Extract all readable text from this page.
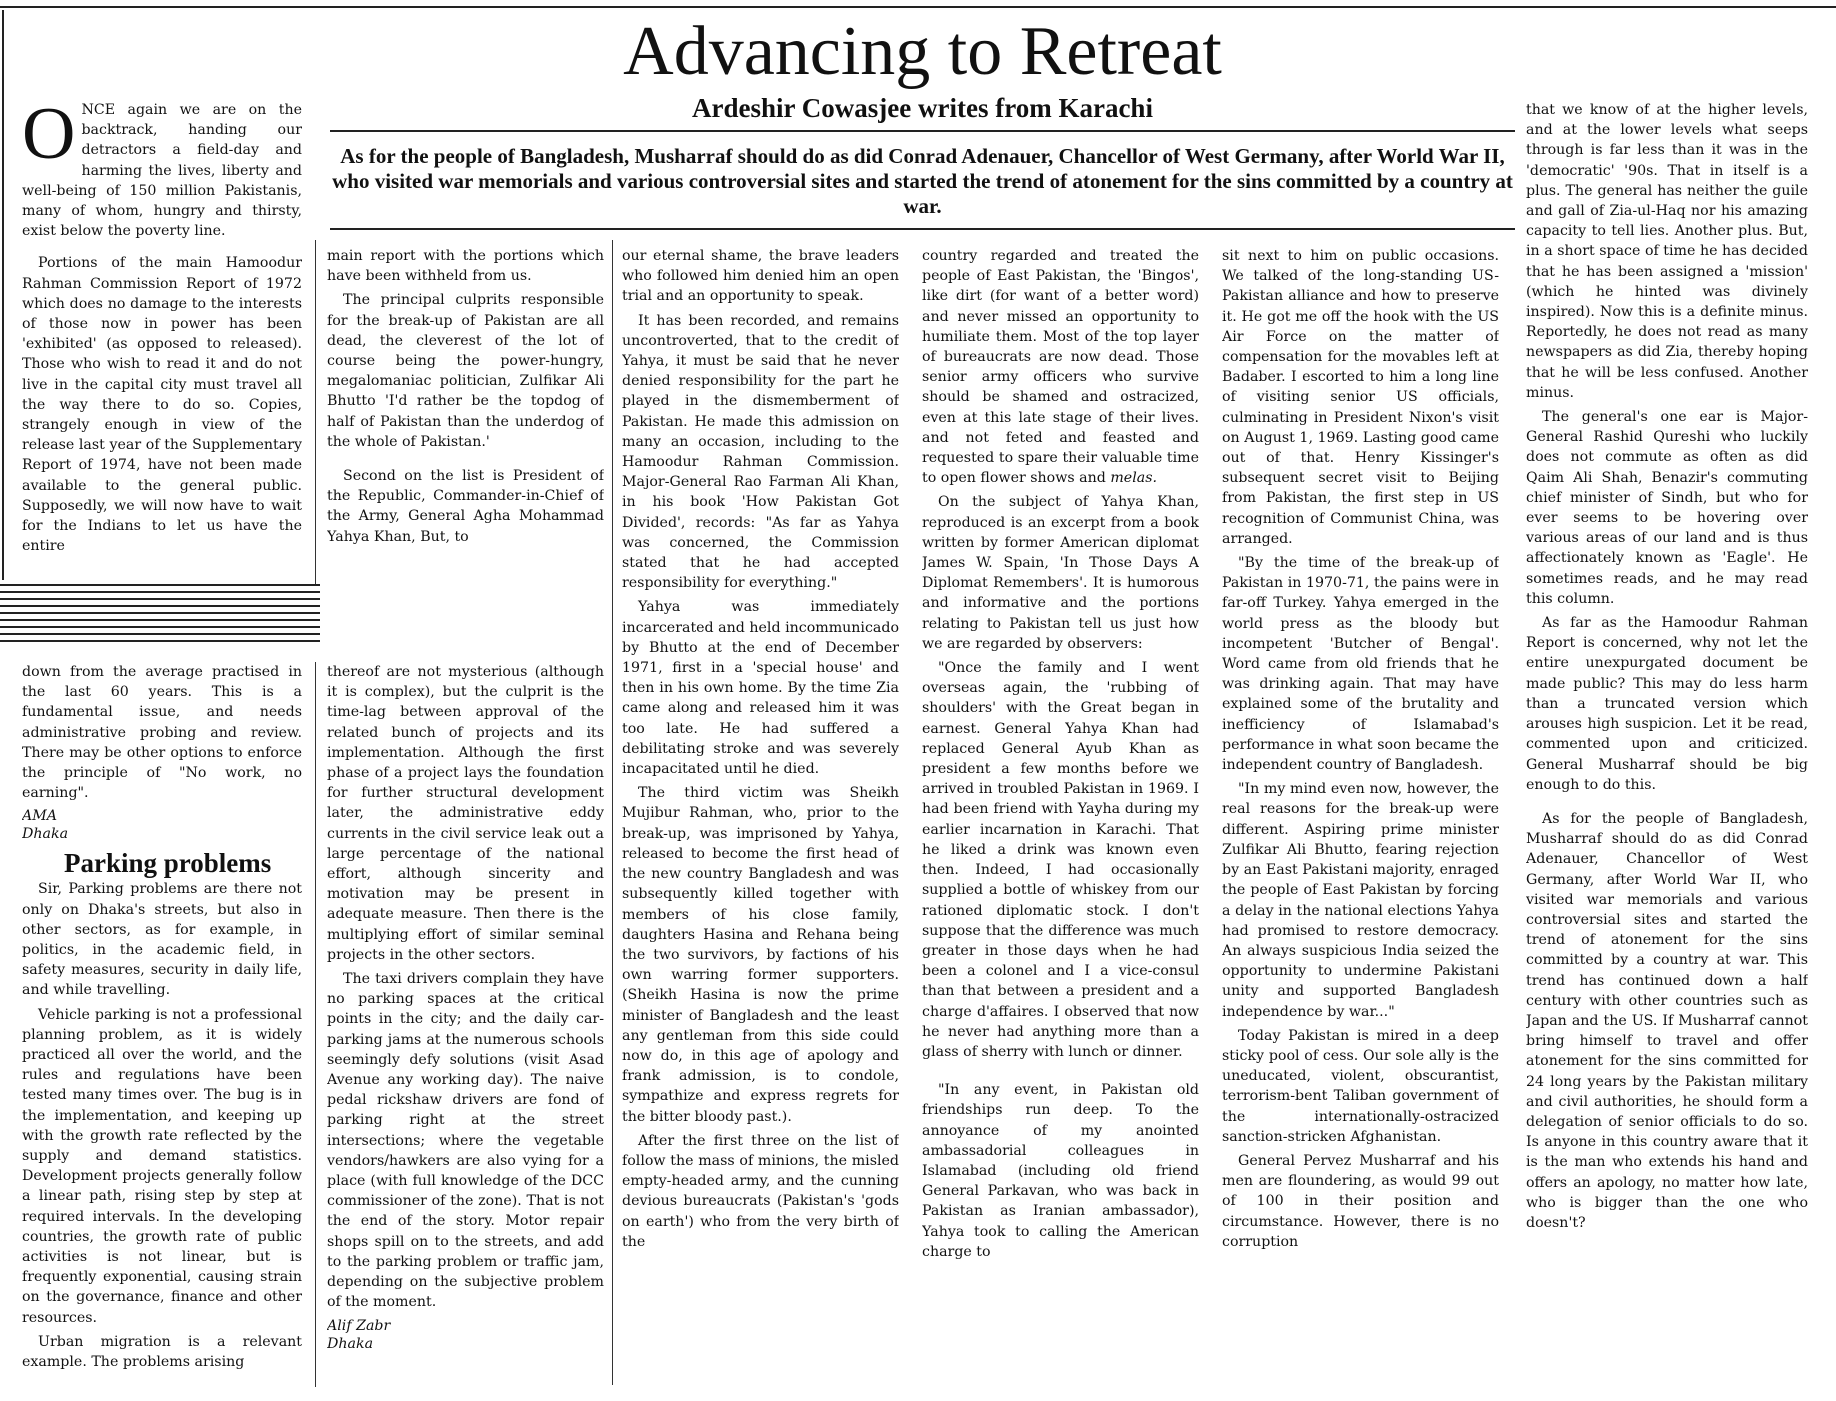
Advancing to Retreat
Ardeshir Cowasjee writes from Karachi

As for the people of Bangladesh, Musharraf should do as did Conrad Adenauer, Chancellor of West Germany, after World War II, who visited war memorials and various controversial sites and started the trend of atonement for the sins committed by a country at war.

ONCE again we are on the backtrack, handing our detractors a field-day and harming the lives, liberty and well-being of 150 million Pakistanis, many of whom, hungry and thirsty, exist below the poverty line.

Portions of the main Hamoodur Rahman Commission Report of 1972 which does no damage to the interests of those now in power has been 'exhibited' (as opposed to released). Those who wish to read it and do not live in the capital city must travel all the way there to do so. Copies, strangely enough in view of the release last year of the Supplementary Report of 1974, have not been made available to the general public. Supposedly, we will now have to wait for the Indians to let us have the entire

main report with the portions which have been withheld from us.

The principal culprits responsible for the break-up of Pakistan are all dead, the cleverest of the lot of course being the power-hungry, megalomaniac politician, Zulfikar Ali Bhutto 'I'd rather be the topdog of half of Pakistan than the underdog of the whole of Pakistan.'

Second on the list is President of the Republic, Commander-in-Chief of the Army, General Agha Mohammad Yahya Khan, But, to

our eternal shame, the brave leaders who followed him denied him an open trial and an opportunity to speak.

It has been recorded, and remains uncontroverted, that to the credit of Yahya, it must be said that he never denied responsibility for the part he played in the dismemberment of Pakistan. He made this admission on many an occasion, including to the Hamoodur Rahman Commission. Major-General Rao Farman Ali Khan, in his book 'How Pakistan Got Divided', records: "As far as Yahya was concerned, the Commission stated that he had accepted responsibility for everything."

Yahya was immediately incarcerated and held incommunicado by Bhutto at the end of December 1971, first in a 'special house' and then in his own home. By the time Zia came along and released him it was too late. He had suffered a debilitating stroke and was severely incapacitated until he died.

The third victim was Sheikh Mujibur Rahman, who, prior to the break-up, was imprisoned by Yahya, released to become the first head of the new country Bangladesh and was subsequently killed together with members of his close family, daughters Hasina and Rehana being the two survivors, by factions of his own warring former supporters. (Sheikh Hasina is now the prime minister of Bangladesh and the least any gentleman from this side could now do, in this age of apology and frank admission, is to condole, sympathize and express regrets for the bitter bloody past.).

After the first three on the list of follow the mass of minions, the misled empty-headed army, and the cunning devious bureaucrats (Pakistan's 'gods on earth') who from the very birth of the

country regarded and treated the people of East Pakistan, the 'Bingos', like dirt (for want of a better word) and never missed an opportunity to humiliate them. Most of the top layer of bureaucrats are now dead. Those senior army officers who survive should be shamed and ostracized, even at this late stage of their lives. and not feted and feasted and requested to spare their valuable time to open flower shows and melas.

On the subject of Yahya Khan, reproduced is an excerpt from a book written by former American diplomat James W. Spain, 'In Those Days A Diplomat Remembers'. It is humorous and informative and the portions relating to Pakistan tell us just how we are regarded by observers:

"Once the family and I went overseas again, the 'rubbing of shoulders' with the Great began in earnest. General Yahya Khan had replaced General Ayub Khan as president a few months before we arrived in troubled Pakistan in 1969. I had been friend with Yayha during my earlier incarnation in Karachi. That he liked a drink was known even then. Indeed, I had occasionally supplied a bottle of whiskey from our rationed diplomatic stock. I don't suppose that the difference was much greater in those days when he had been a colonel and I a vice-consul than that between a president and a charge d'affaires. I observed that now he never had anything more than a glass of sherry with lunch or dinner.

"In any event, in Pakistan old friendships run deep. To the annoyance of my anointed ambassadorial colleagues in Islamabad (including old friend General Parkavan, who was back in Pakistan as Iranian ambassador), Yahya took to calling the American charge to

sit next to him on public occasions. We talked of the long-standing US-Pakistan alliance and how to preserve it. He got me off the hook with the US Air Force on the matter of compensation for the movables left at Badaber. I escorted to him a long line of visiting senior US officials, culminating in President Nixon's visit on August 1, 1969. Lasting good came out of that. Henry Kissinger's subsequent secret visit to Beijing from Pakistan, the first step in US recognition of Communist China, was arranged.

"By the time of the break-up of Pakistan in 1970-71, the pains were in far-off Turkey. Yahya emerged in the world press as the bloody but incompetent 'Butcher of Bengal'. Word came from old friends that he was drinking again. That may have explained some of the brutality and inefficiency of Islamabad's performance in what soon became the independent country of Bangladesh.

"In my mind even now, however, the real reasons for the break-up were different. Aspiring prime minister Zulfikar Ali Bhutto, fearing rejection by an East Pakistani majority, enraged the people of East Pakistan by forcing a delay in the national elections Yahya had promised to restore democracy. An always suspicious India seized the opportunity to undermine Pakistani unity and supported Bangladesh independence by war..."

Today Pakistan is mired in a deep sticky pool of cess. Our sole ally is the uneducated, violent, obscurantist, terrorism-bent Taliban government of the internationally-ostracized sanction-stricken Afghanistan.

General Pervez Musharraf and his men are floundering, as would 99 out of 100 in their position and circumstance. However, there is no corruption

that we know of at the higher levels, and at the lower levels what seeps through is far less than it was in the 'democratic' '90s. That in itself is a plus. The general has neither the guile and gall of Zia-ul-Haq nor his amazing capacity to tell lies. Another plus. But, in a short space of time he has decided that he has been assigned a 'mission' (which he hinted was divinely inspired). Now this is a definite minus. Reportedly, he does not read as many newspapers as did Zia, thereby hoping that he will be less confused. Another minus.

The general's one ear is Major-General Rashid Qureshi who luckily does not commute as often as did Qaim Ali Shah, Benazir's commuting chief minister of Sindh, but who for ever seems to be hovering over various areas of our land and is thus affectionately known as 'Eagle'. He sometimes reads, and he may read this column.

As far as the Hamoodur Rahman Report is concerned, why not let the entire unexpurgated document be made public? This may do less harm than a truncated version which arouses high suspicion. Let it be read, commented upon and criticized. General Musharraf should be big enough to do this.

As for the people of Bangladesh, Musharraf should do as did Conrad Adenauer, Chancellor of West Germany, after World War II, who visited war memorials and various controversial sites and started the trend of atonement for the sins committed by a country at war. This trend has continued down a half century with other countries such as Japan and the US. If Musharraf cannot bring himself to travel and offer atonement for the sins committed for 24 long years by the Pakistan military and civil authorities, he should form a delegation of senior officials to do so. Is anyone in this country aware that it is the man who extends his hand and offers an apology, no matter how late, who is bigger than the one who doesn't?

down from the average practised in the last 60 years. This is a fundamental issue, and needs administrative probing and review. There may be other options to enforce the principle of "No work, no earning".

AMA

Dhaka

Parking problems

Sir, Parking problems are there not only on Dhaka's streets, but also in other sectors, as for example, in politics, in the academic field, in safety measures, security in daily life, and while travelling.

Vehicle parking is not a professional planning problem, as it is widely practiced all over the world, and the rules and regulations have been tested many times over. The bug is in the implementation, and keeping up with the growth rate reflected by the supply and demand statistics. Development projects generally follow a linear path, rising step by step at required intervals. In the developing countries, the growth rate of public activities is not linear, but is frequently exponential, causing strain on the governance, finance and other resources.

Urban migration is a relevant example. The problems arising

thereof are not mysterious (although it is complex), but the culprit is the time-lag between approval of the related bunch of projects and its implementation. Although the first phase of a project lays the foundation for further structural development later, the administrative eddy currents in the civil service leak out a large percentage of the national effort, although sincerity and motivation may be present in adequate measure. Then there is the multiplying effort of similar seminal projects in the other sectors.

The taxi drivers complain they have no parking spaces at the critical points in the city; and the daily car-parking jams at the numerous schools seemingly defy solutions (visit Asad Avenue any working day). The naive pedal rickshaw drivers are fond of parking right at the street intersections; where the vegetable vendors/hawkers are also vying for a place (with full knowledge of the DCC commissioner of the zone). That is not the end of the story. Motor repair shops spill on to the streets, and add to the parking problem or traffic jam, depending on the subjective problem of the moment.

Alif Zabr

Dhaka
